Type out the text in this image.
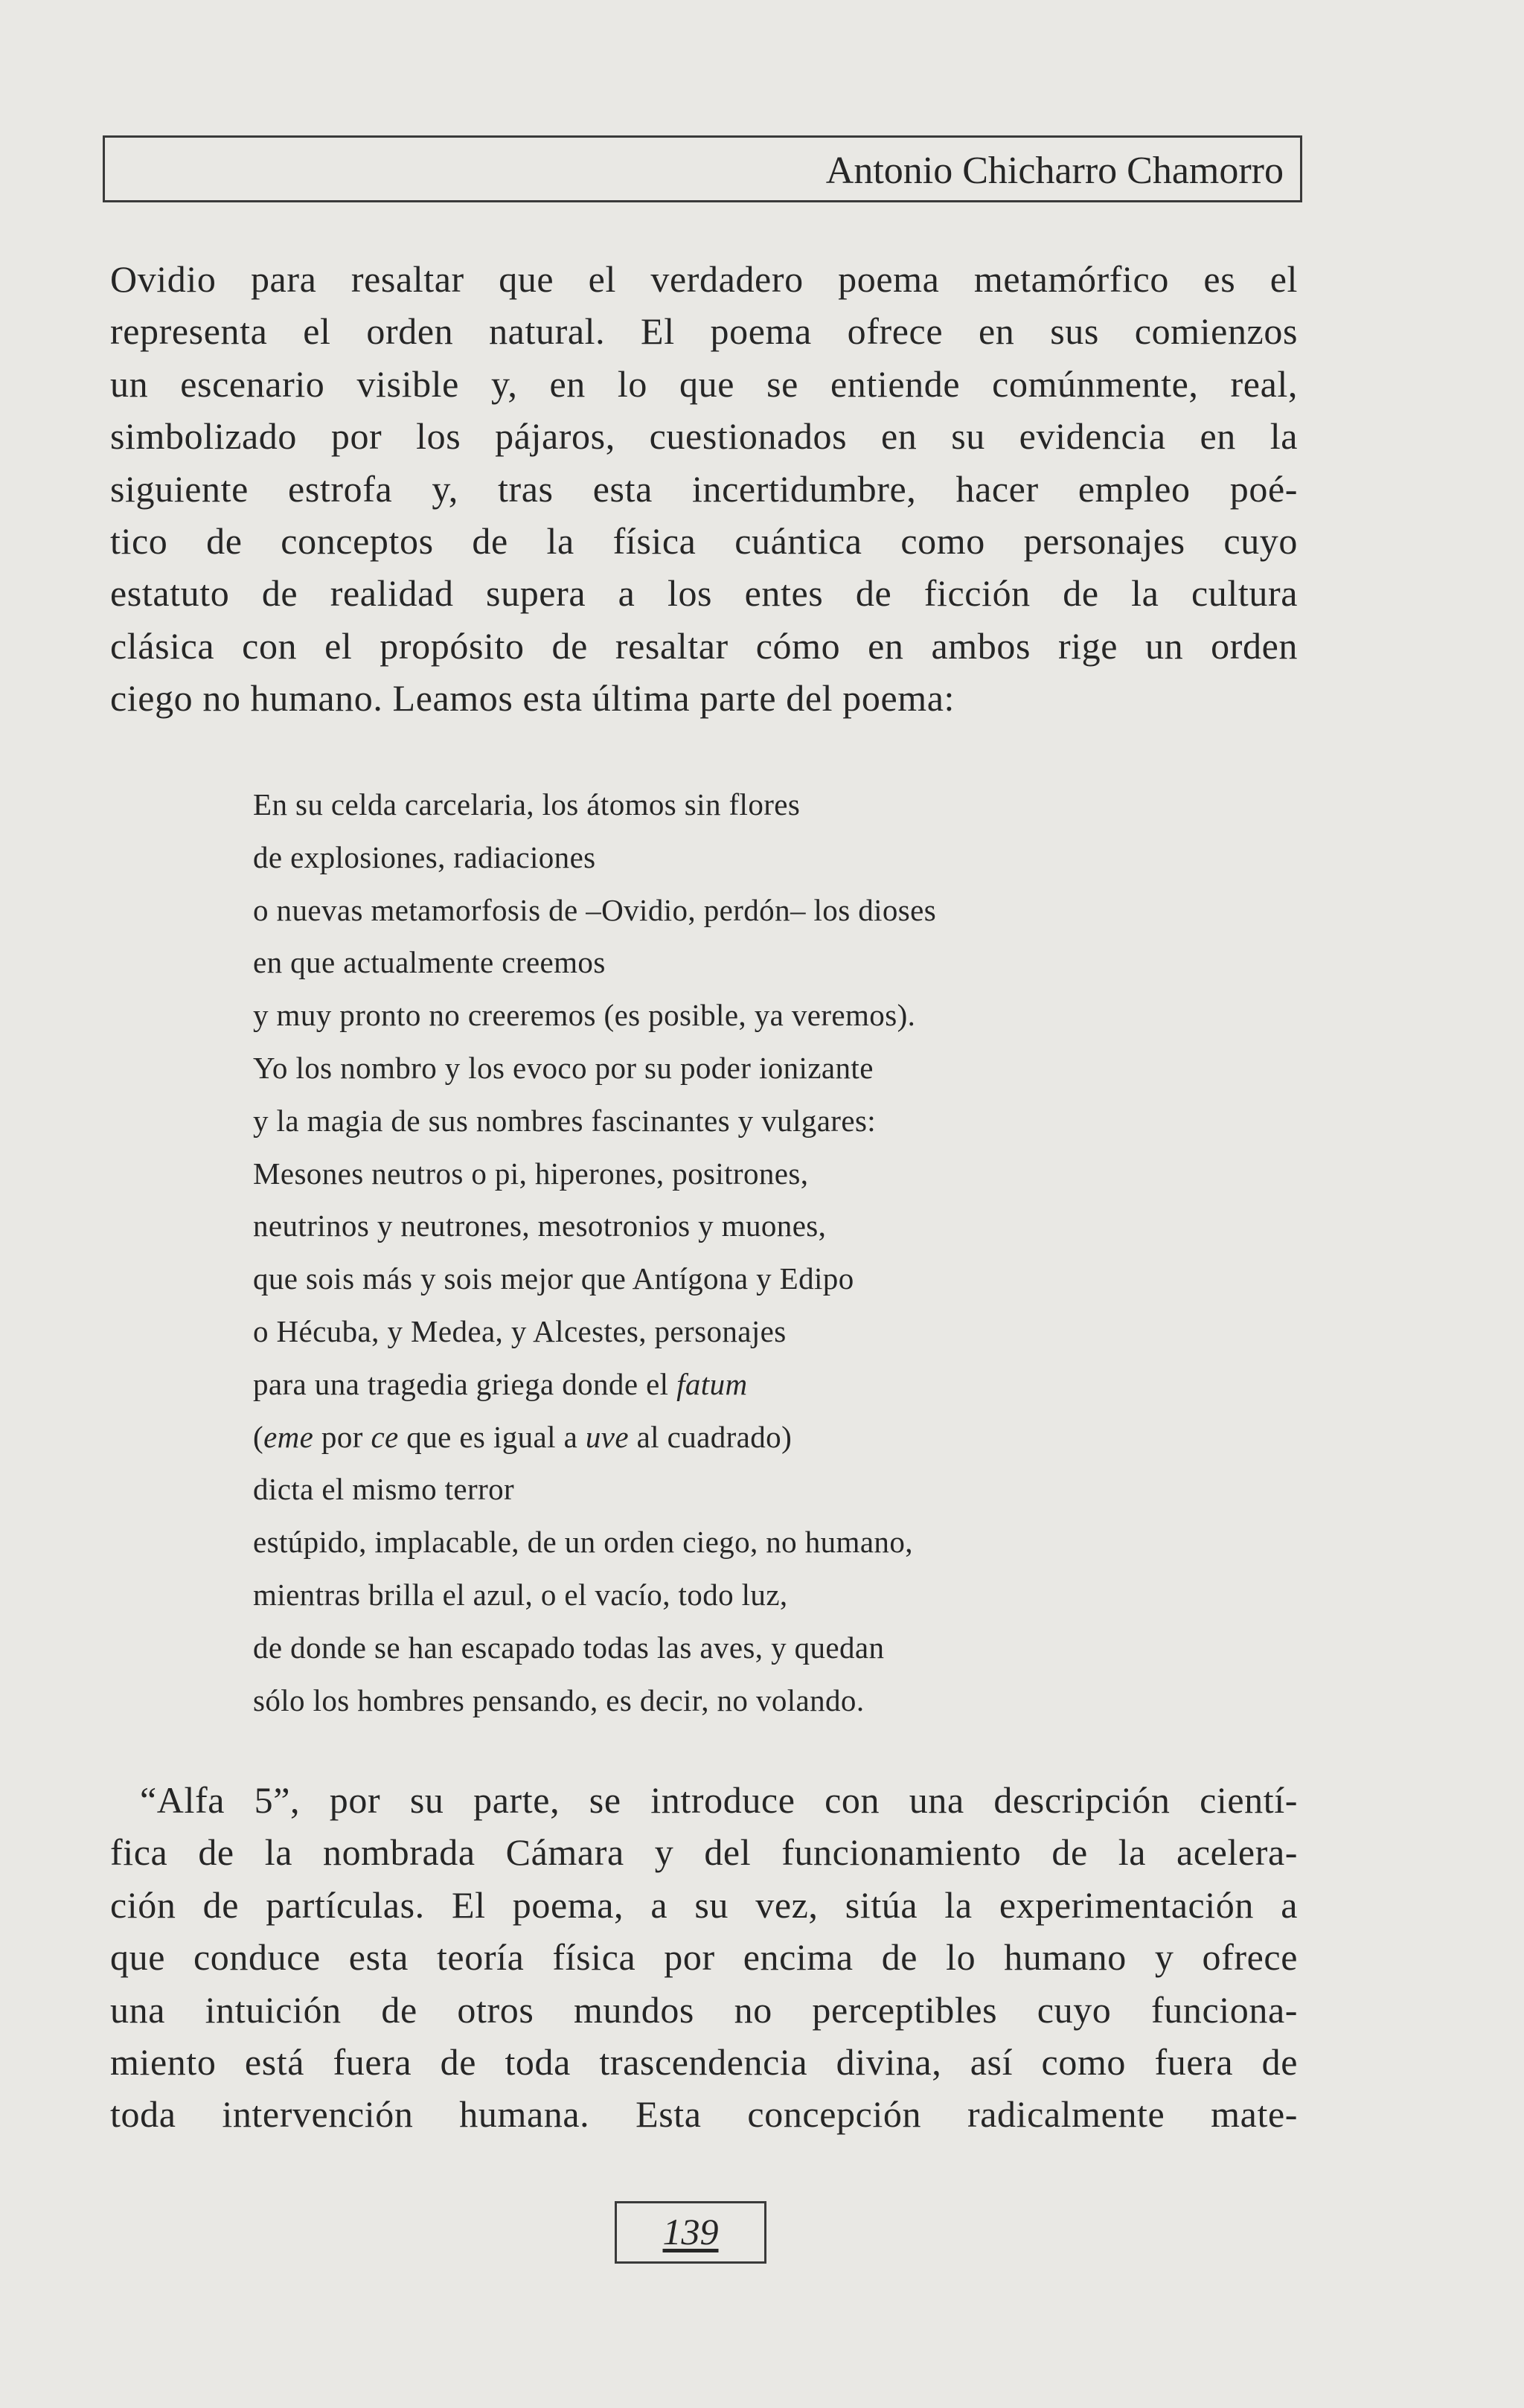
Antonio Chicharro Chamorro
Ovidio para resaltar que el verdadero poema metamórfico es el
representa el orden natural. El poema ofrece en sus comienzos
un escenario visible y, en lo que se entiende comúnmente, real,
simbolizado por los pájaros, cuestionados en su evidencia en la
siguiente estrofa y, tras esta incertidumbre, hacer empleo poé-
tico de conceptos de la física cuántica como personajes cuyo
estatuto de realidad supera a los entes de ficción de la cultura
clásica con el propósito de resaltar cómo en ambos rige un orden
ciego no humano. Leamos esta última parte del poema:
En su celda carcelaria, los átomos sin flores
de explosiones, radiaciones
o nuevas metamorfosis de –Ovidio, perdón– los dioses
en que actualmente creemos
y muy pronto no creeremos (es posible, ya veremos).
Yo los nombro y los evoco por su poder ionizante
y la magia de sus nombres fascinantes y vulgares:
Mesones neutros o pi, hiperones, positrones,
neutrinos y neutrones, mesotronios y muones,
que sois más y sois mejor que Antígona y Edipo
o Hécuba, y Medea, y Alcestes, personajes
para una tragedia griega donde el fatum
(eme por ce que es igual a uve al cuadrado)
dicta el mismo terror
estúpido, implacable, de un orden ciego, no humano,
mientras brilla el azul, o el vacío, todo luz,
de donde se han escapado todas las aves, y quedan
sólo los hombres pensando, es decir, no volando.
“Alfa 5”, por su parte, se introduce con una descripción cientí-
fica de la nombrada Cámara y del funcionamiento de la acelera-
ción de partículas. El poema, a su vez, sitúa la experimentación a
que conduce esta teoría física por encima de lo humano y ofrece
una intuición de otros mundos no perceptibles cuyo funciona-
miento está fuera de toda trascendencia divina, así como fuera de
toda intervención humana. Esta concepción radicalmente mate-
139
